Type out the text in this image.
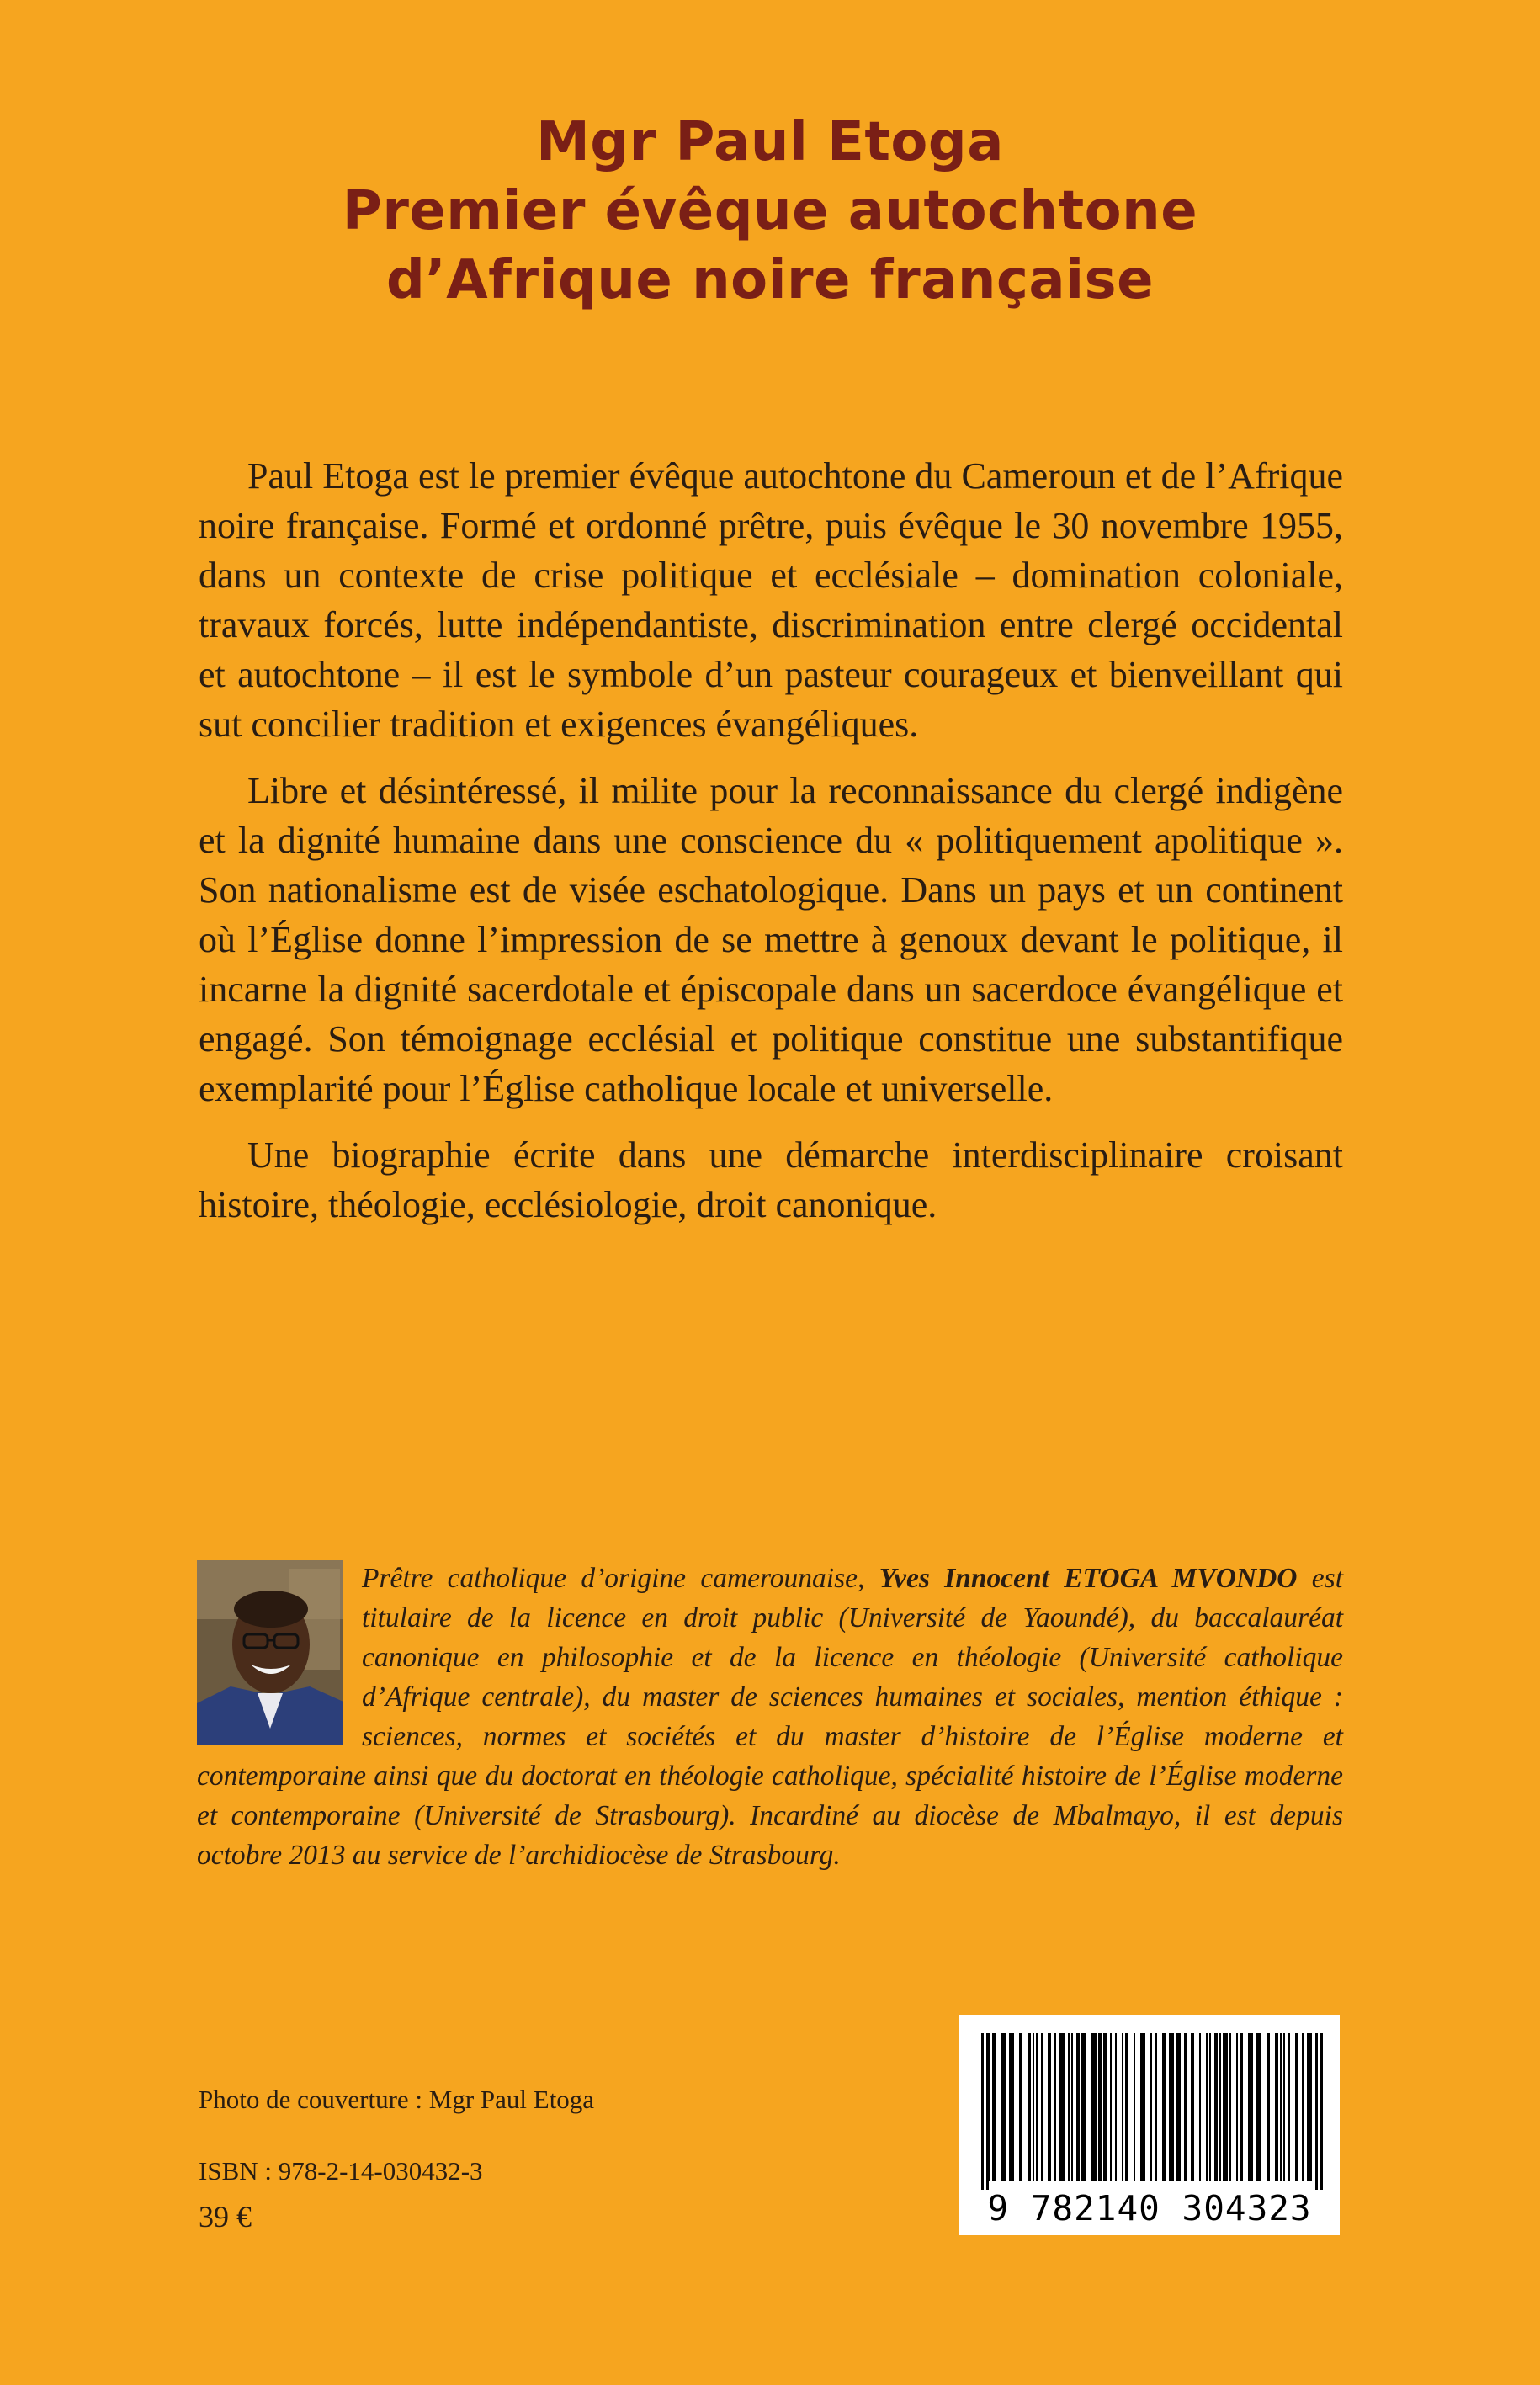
Mgr Paul Etoga
Premier évêque autochtone
d’Afrique noire française

Paul Etoga est le premier évêque autochtone du Cameroun et de l’Afrique noire française. Formé et ordonné prêtre, puis évêque le 30 novembre 1955, dans un contexte de crise politique et ecclésiale – domination coloniale, travaux forcés, lutte indépendantiste, discrimination entre clergé occidental et autochtone – il est le symbole d’un pasteur courageux et bienveillant qui sut concilier tradition et exigences évangéliques.

Libre et désintéressé, il milite pour la reconnaissance du clergé indigène et la dignité humaine dans une conscience du « politiquement apolitique ». Son nationalisme est de visée eschatologique. Dans un pays et un continent où l’Église donne l’impression de se mettre à genoux devant le politique, il incarne la dignité sacerdotale et épiscopale dans un sacerdoce évangélique et engagé. Son témoignage ecclésial et politique constitue une substantifique exemplarité pour l’Église catholique locale et universelle.

Une biographie écrite dans une démarche interdisciplinaire croisant histoire, théologie, ecclésiologie, droit canonique.

Prêtre catholique d’origine camerounaise, Yves Innocent ETOGA MVONDO est titulaire de la licence en droit public (Université de Yaoundé), du baccalauréat canonique en philosophie et de la licence en théologie (Université catholique d’Afrique centrale), du master de sciences humaines et sociales, mention éthique : sciences, normes et sociétés et du master d’histoire de l’Église moderne et contemporaine ainsi que du doctorat en théologie catholique, spécialité histoire de l’Église moderne et contemporaine (Université de Strasbourg). Incardiné au diocèse de Mbalmayo, il est depuis octobre 2013 au service de l’archidiocèse de Strasbourg.
Photo de couverture : Mgr Paul Etoga
ISBN : 978-2-14-030432-3
39 €	9 782140 304323
